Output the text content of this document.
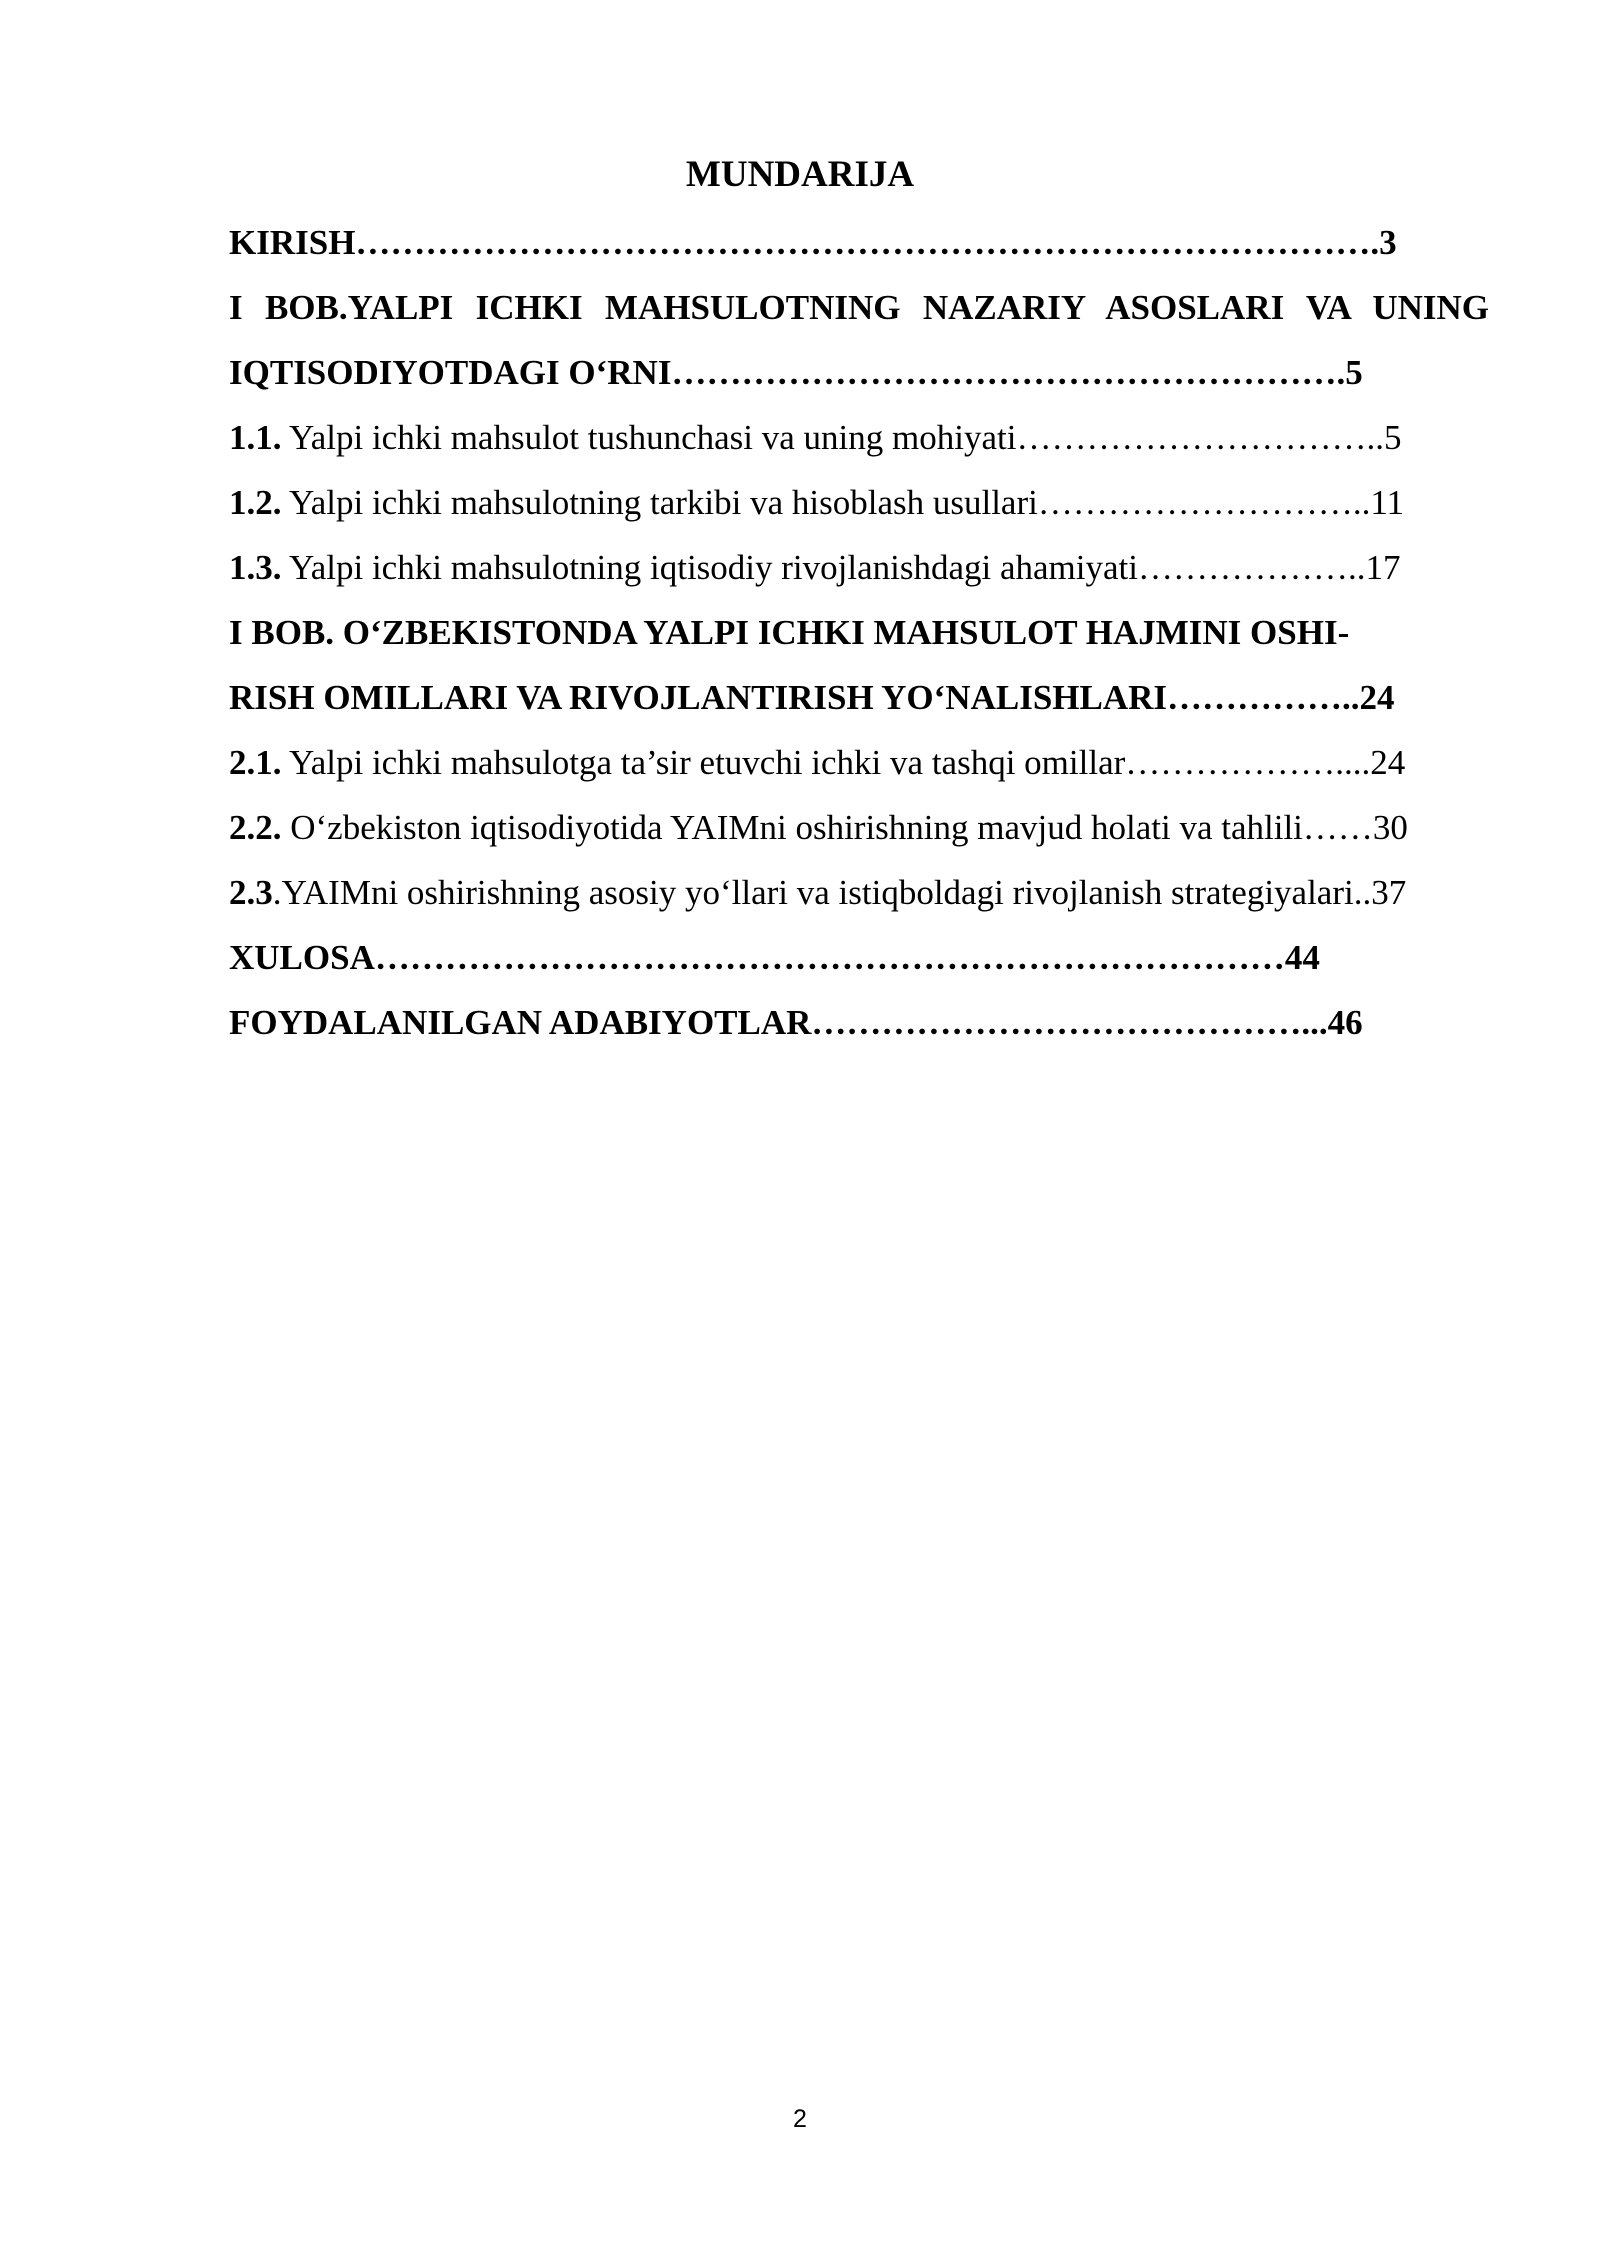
MUNDARIJA
KIRISH…………………………………………………………………………….3
I BOB.YALPI ICHKI MAHSULOTNING NAZARIY ASOSLARI VA UNING
IQTISODIYOTDAGI O‘RNI………………………………………………….5
1.1. Yalpi ichki mahsulot tushunchasi va uning mohiyati…………………………..5
1.2. Yalpi ichki mahsulotning tarkibi va hisoblash usullari………………………..11
1.3. Yalpi ichki mahsulotning iqtisodiy rivojlanishdagi ahamiyati………………..17
I BOB. O‘ZBEKISTONDA YALPI ICHKI MAHSULOT HAJMINI OSHI-
RISH OMILLARI VA RIVOJLANTIRISH YO‘NALISHLARI……………..24
2.1. Yalpi ichki mahsulotga ta’sir etuvchi ichki va tashqi omillar………………....24
2.2. O‘zbekiston iqtisodiyotida YAIMni oshirishning mavjud holati va tahlili……30
2.3.YAIMni oshirishning asosiy yo‘llari va istiqboldagi rivojlanish strategiyalari..37
XULOSA……………………………………………………………………44
FOYDALANILGAN ADABIYOTLAR……………………………………...46
2
